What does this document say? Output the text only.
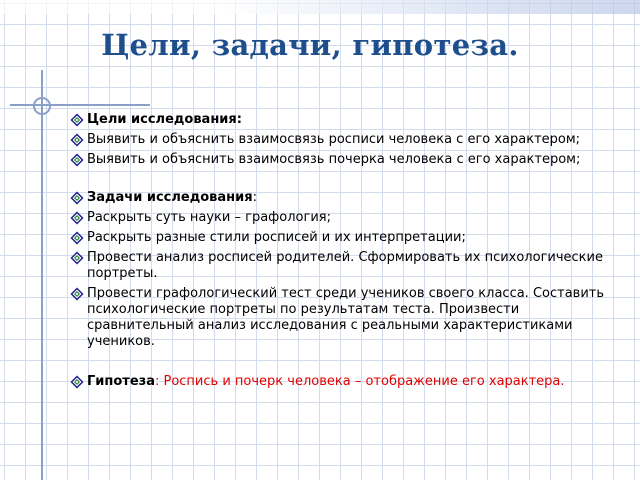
Цели, задачи, гипотеза.
Цели исследования:
Выявить и объяснить взаимосвязь росписи человека с его характером;
Выявить и объяснить взаимосвязь почерка человека с его характером;
Задачи исследования:
Раскрыть суть науки – графология;
Раскрыть разные стили росписей и их интерпретации;
Провести анализ росписей родителей. Сформировать их психологические портреты.
Провести графологический тест среди учеников своего класса. Составить психологические портреты по результатам теста. Произвести сравнительный анализ исследования с реальными характеристиками учеников.
Гипотеза: Роспись и почерк человека – отображение его характера.
